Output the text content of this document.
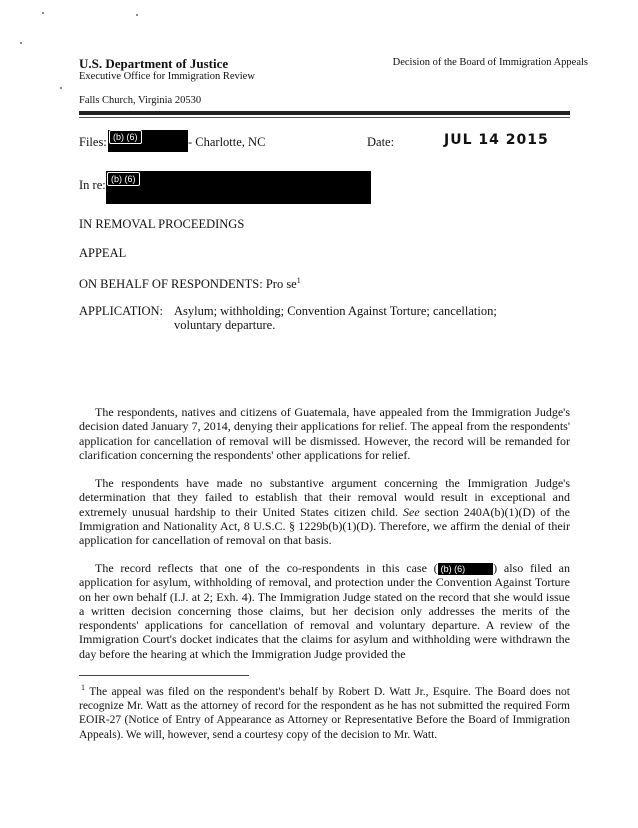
U.S. Department of Justice
Executive Office for Immigration Review
Decision of the Board of Immigration Appeals
Falls Church, Virginia 20530
Files: (b) (6)	- Charlotte, NC	Date:	JUL 14 2015
In re: (b) (6)
IN REMOVAL PROCEEDINGS
APPEAL
ON BEHALF OF RESPONDENTS: Pro $se^1$
APPLICATION: Asylum; withholding; Convention Against Torture; cancellation;
voluntary departure.
The respondents, natives and citizens of Guatemala, have appealed from the Immigration Judge's decision dated January 7, 2014, denying their applications for relief. The appeal from the respondents' application for cancellation of removal will be dismissed. However, the record will be remanded for clarification concerning the respondents' other applications for relief.
The respondents have made no substantive argument concerning the Immigration Judge's determination that they failed to establish that their removal would result in exceptional and extremely unusual hardship to their United States citizen child. See section 240A(b)(1)(D) of the Immigration and Nationality Act, 8 U.S.C. § 1229b(b)(1)(D). Therefore, we affirm the denial of their application for cancellation of removal on that basis.
The record reflects that one of the co-respondents in this case ( (b) (6) ) also filed an application for asylum, withholding of removal, and protection under the Convention Against Torture on her own behalf (I.J. at 2; Exh. 4). The Immigration Judge stated on the record that she would issue a written decision concerning those claims, but her decision only addresses the merits of the respondents' applications for cancellation of removal and voluntary departure. A review of the Immigration Court's docket indicates that the claims for asylum and withholding were withdrawn the day before the hearing at which the Immigration Judge provided the
$^1$ The appeal was filed on the respondent's behalf by Robert D. Watt Jr., Esquire. The Board does not recognize Mr. Watt as the attorney of record for the respondent as he has not submitted the required Form EOIR-27 (Notice of Entry of Appearance as Attorney or Representative Before the Board of Immigration Appeals). We will, however, send a courtesy copy of the decision to Mr. Watt.
